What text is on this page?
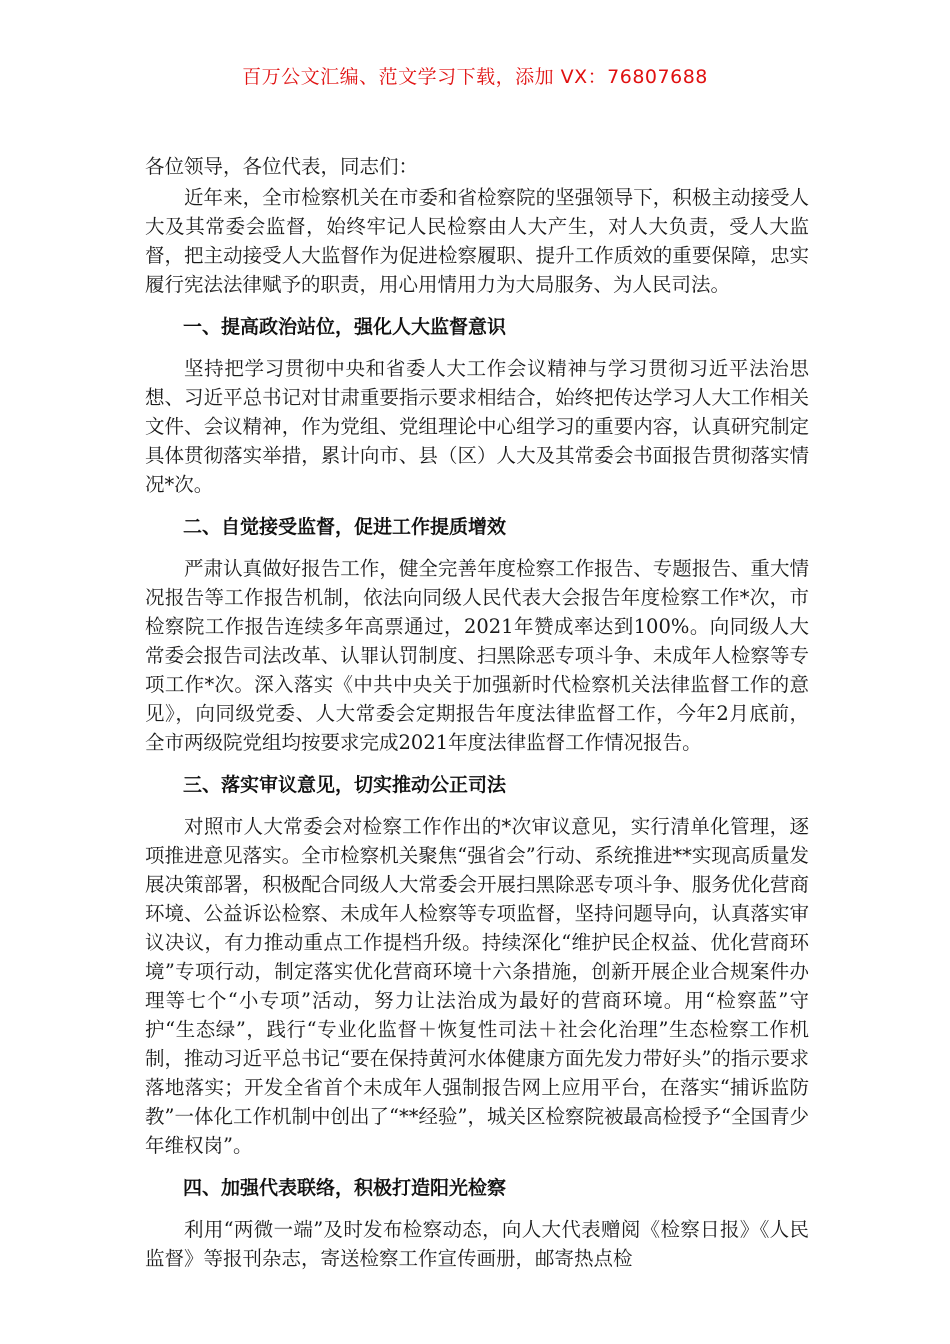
百万公文汇编、范文学习下载，添加 VX：76807688

各位领导，各位代表，同志们：

近年来，全市检察机关在市委和省检察院的坚强领导下，积极主动接受人大及其常委会监督，始终牢记人民检察由人大产生，对人大负责，受人大监督，把主动接受人大监督作为促进检察履职、提升工作质效的重要保障，忠实履行宪法法律赋予的职责，用心用情用力为大局服务、为人民司法。

一、提高政治站位，强化人大监督意识

坚持把学习贯彻中央和省委人大工作会议精神与学习贯彻习近平法治思想、习近平总书记对甘肃重要指示要求相结合，始终把传达学习人大工作相关文件、会议精神，作为党组、党组理论中心组学习的重要内容，认真研究制定具体贯彻落实举措，累计向市、县（区）人大及其常委会书面报告贯彻落实情况*次。

二、自觉接受监督，促进工作提质增效

严肃认真做好报告工作，健全完善年度检察工作报告、专题报告、重大情况报告等工作报告机制，依法向同级人民代表大会报告年度检察工作*次，市检察院工作报告连续多年高票通过，2021年赞成率达到100%。向同级人大常委会报告司法改革、认罪认罚制度、扫黑除恶专项斗争、未成年人检察等专项工作*次。深入落实《中共中央关于加强新时代检察机关法律监督工作的意见》，向同级党委、人大常委会定期报告年度法律监督工作，今年2月底前，全市两级院党组均按要求完成2021年度法律监督工作情况报告。

三、落实审议意见，切实推动公正司法

对照市人大常委会对检察工作作出的*次审议意见，实行清单化管理，逐项推进意见落实。全市检察机关聚焦“强省会”行动、系统推进**实现高质量发展决策部署，积极配合同级人大常委会开展扫黑除恶专项斗争、服务优化营商环境、公益诉讼检察、未成年人检察等专项监督，坚持问题导向，认真落实审议决议，有力推动重点工作提档升级。持续深化“维护民企权益、优化营商环境”专项行动，制定落实优化营商环境十六条措施，创新开展企业合规案件办理等七个“小专项”活动，努力让法治成为最好的营商环境。用“检察蓝”守护“生态绿”，践行“专业化监督＋恢复性司法＋社会化治理”生态检察工作机制，推动习近平总书记“要在保持黄河水体健康方面先发力带好头”的指示要求落地落实；开发全省首个未成年人强制报告网上应用平台，在落实“捕诉监防教”一体化工作机制中创出了“**经验”，城关区检察院被最高检授予“全国青少年维权岗”。

四、加强代表联络，积极打造阳光检察

利用“两微一端”及时发布检察动态，向人大代表赠阅《检察日报》《人民监督》等报刊杂志，寄送检察工作宣传画册，邮寄热点检
